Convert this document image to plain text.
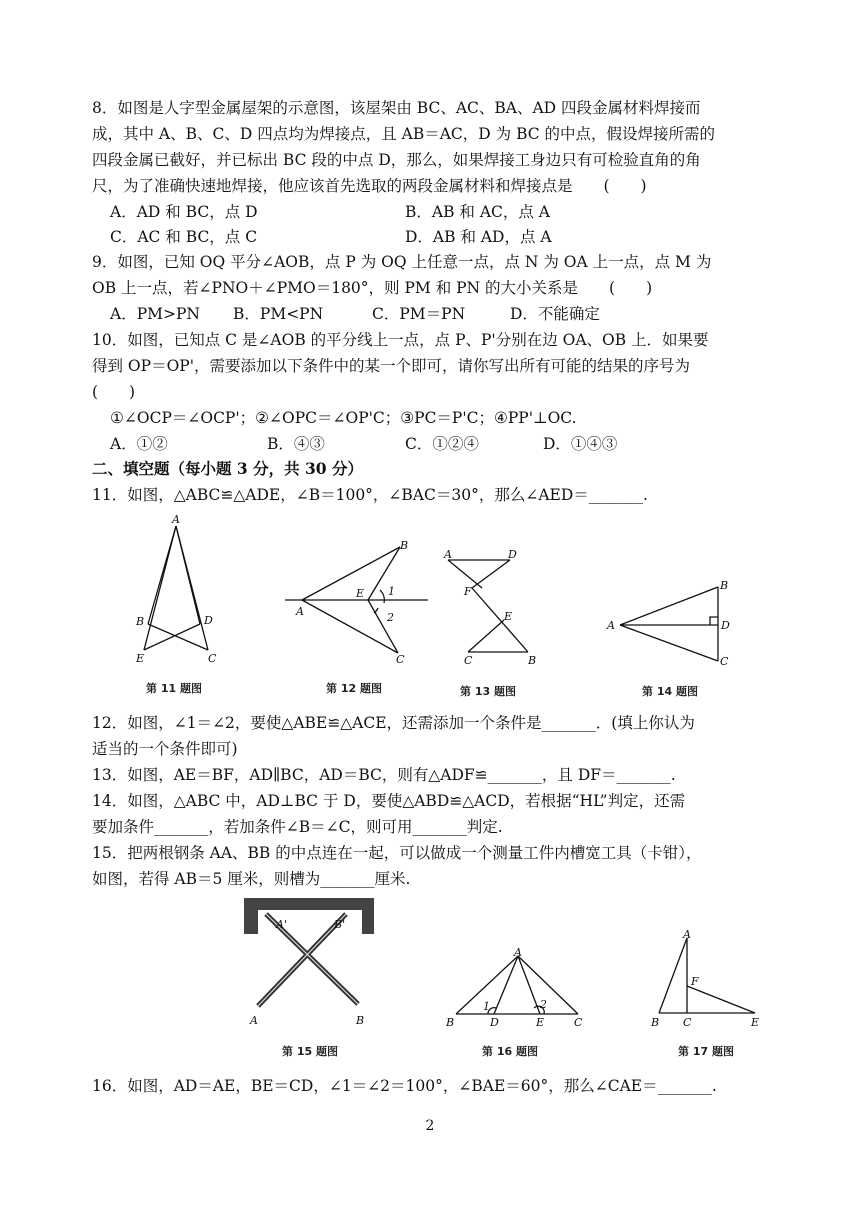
8．如图是人字型金属屋架的示意图，该屋架由 BC、AC、BA、AD 四段金属材料焊接而
成，其中 A、B、C、D 四点均为焊接点，且 AB＝AC，D 为 BC 的中点，假设焊接所需的
四段金属已截好，并已标出 BC 段的中点 D，那么，如果焊接工身边只有可检验直角的角
尺，为了准确快速地焊接，他应该首先选取的两段金属材料和焊接点是　　(　　)
A．AD 和 BC，点 D	B．AB 和 AC，点 A
C．AC 和 BC，点 C	D．AB 和 AD，点 A
9．如图，已知 OQ 平分∠AOB，点 P 为 OQ 上任意一点，点 N 为 OA 上一点，点 M 为
OB 上一点，若∠PNO＋∠PMO＝180°，则 PM 和 PN 的大小关系是　　(　　)
A．PM>PN B．PM<PN	C．PM＝PN	D．不能确定
10．如图，已知点 C 是∠AOB 的平分线上一点，点 P、P'分别在边 OA、OB 上．如果要
得到 OP＝OP'，需要添加以下条件中的某一个即可，请你写出所有可能的结果的序号为
(　　)
①∠OCP＝∠OCP'；②∠OPC＝∠OP'C；③PC＝P'C；④PP'⊥OC.
A．①②	B．④③	C．①②④	D．①④③
二、填空题（每小题 3 分，共 30 分）
11．如图，△ABC≌△ADE，∠B＝100°，∠BAC＝30°，那么∠AED＝_______.
A
B	D
E	C
第 11 题图
B
A
E 1
2
C
第 12 题图
A	D
F
E
C	B
第 13 题图
B
A	D
C
第 14 题图
12．如图，∠1＝∠2，要使△ABE≌△ACE，还需添加一个条件是_______．(填上你认为
适当的一个条件即可)
13．如图，AE＝BF，AD∥BC，AD＝BC，则有△ADF≌_______，且 DF＝_______.
14．如图，△ABC 中，AD⊥BC 于 D，要使△ABD≌△ACD，若根据“HL”判定，还需
要加条件_______，若加条件∠B＝∠C，则可用_______判定.
15．把两根钢条 AA、BB 的中点连在一起，可以做成一个测量工件内槽宽工具（卡钳），
如图，若得 AB＝5 厘米，则槽为_______厘米.
A'	B'
A	B
第 15 题图
A
1	2
B	D	E	C
第 16 题图
A
F
B C	E
第 17 题图
16．如图，AD＝AE，BE＝CD，∠1＝∠2＝100°，∠BAE＝60°，那么∠CAE＝_______.
2
